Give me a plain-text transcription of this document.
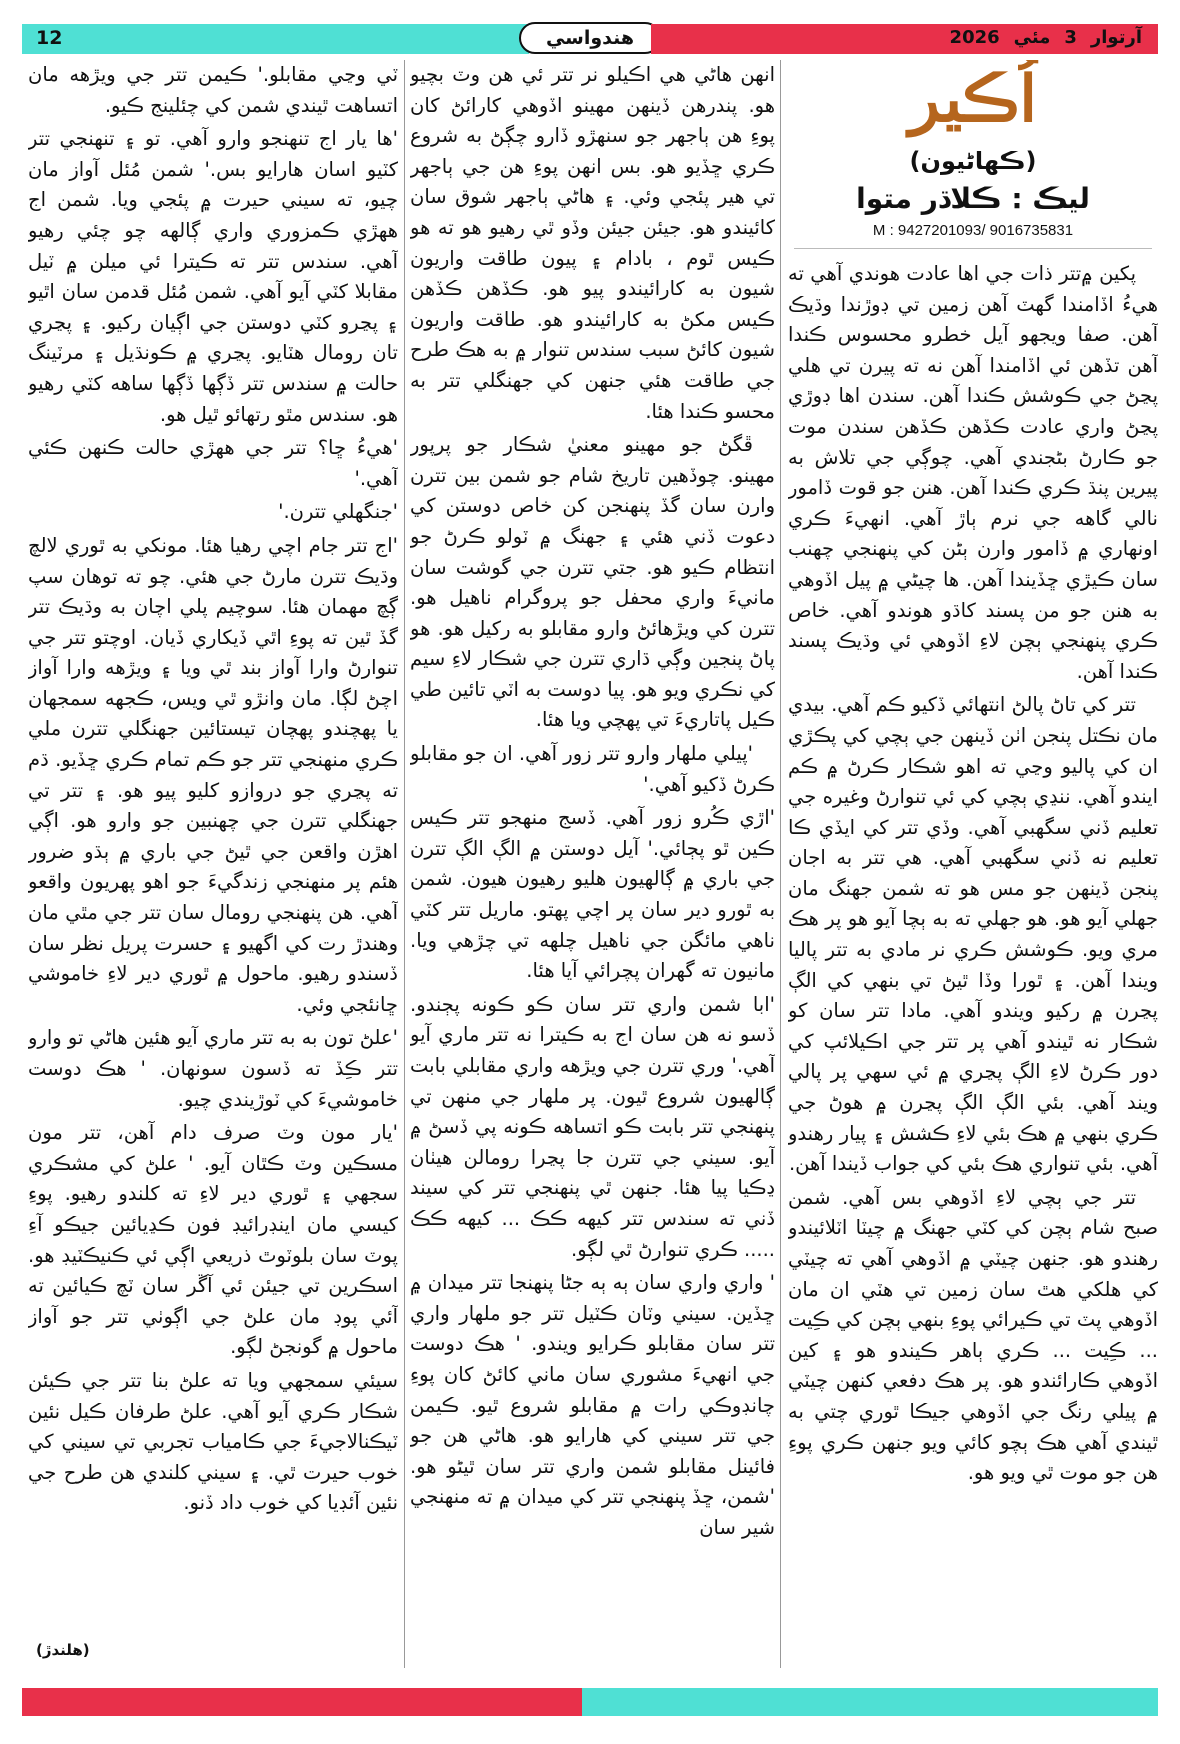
12	هندواسي	آرتوار
3
مئي
2026
اُڪير
(ڪهاڻيون)
ليڪ : ڪلاڌر متوا
M : 9427201093/ 9016735831

پکين ۾تتر ذات جي اها عادت هوندي آهي ته هيءُ اڏامندا گهٽ آهن زمين تي ڊوڙندا وڌيڪ آهن. صفا ويجهو آيل خطرو محسوس ڪندا آهن تڏهن ئي اڏامندا آهن نه ته پيرن تي هلي پڃڻ جي ڪوشش ڪندا آهن. سندن اها ڊوڙي پڃڻ واري عادت ڪڏهن ڪڏهن سندن موت جو ڪارڻ بڻجندي آهي. چوڳي جي تلاش به پيرين پنڌ ڪري ڪندا آهن. هنن جو قوت ڏامور نالي گاهه جي نرم ٻاڙ آهي. انهيءَ ڪري اونهاري ۾ ڏامور وارن ٻڻن کي پنهنجي چهنب سان ڪيڙي ڇڏيندا آهن. ها چيڻي ۾ پيل اڏوهي به هنن جو من پسند کاڌو هوندو آهي. خاص ڪري پنهنجي ٻچن لاءِ اڏوهي ئي وڌيڪ پسند ڪندا آهن.

تتر کي تاڻ پالڻ انتهائي ڏکيو ڪم آهي. بيدي مان نڪتل پنجن اٺن ڏينهن جي ٻچي کي پڪڙي ان کي پاليو وڃي ته اهو شڪار ڪرڻ ۾ ڪم ايندو آهي. ننڍي ٻچي کي ئي تنوارڻ وغيره جي تعليم ڏني سگهبي آهي. وڏي تتر کي ايڏي ڪا تعليم نه ڏني سگهبي آهي. هي تتر به اجان پنجن ڏينهن جو مس هو ته شمن جهنگ مان جهلي آيو هو. هو جهلي ته به ٻچا آيو هو پر هڪ مري ويو. ڪوشش ڪري نر مادي به تتر پاليا ويندا آهن. ۽ ٿورا وڏا ٿيڻ تي بنهي کي الڳ پڃرن ۾ رکيو ويندو آهي. مادا تتر سان کو شڪار نه ٿيندو آهي پر تتر جي اڪيلائپ کي دور ڪرڻ لاءِ الڳ پڃري ۾ ئي سهي پر پالي ويند آهي. بئي الڳ الڳ پڃرن ۾ هوڻ جي ڪري بنهي ۾ هڪ بئي لاءِ ڪشش ۽ پيار رهندو آهي. بئي تنواري هڪ بئي کي جواب ڏيندا آهن.

تتر جي ٻچي لاءِ اڏوهي بس آهي. شمن صبح شام ٻچن کي کٽي جهنگ ۾ چيٽا اٽلائيندو رهندو هو. جنهن چيٽي ۾ اڏوهي آهي ته چيٽي کي هلکي هٿ سان زمين تي هٽي ان مان اڏوهي پٽ تي ڪيرائي پوءِ بنهي ٻچن کي ڪِيت ... ڪِيت ... ڪري ٻاهر ڪيندو هو ۽ کين اڏوهي ڪارائندو هو. پر هڪ دفعي کنهن چيٽي ۾ پيلي رنگ جي اڏوهي جيڪا ٿوري چتي به ٿيندي آهي هڪ ٻچو کائي ويو جنهن ڪري پوءِ هن جو موت ٿي ويو هو.

انهن هاڻي هي اڪيلو نر تتر ئي هن وٽ بچيو هو. پندرهن ڏينهن مهينو اڏوهي کارائڻ کان پوءِ هن ٻاجهر جو سنهڙو ڏارو چڳڻ به شروع ڪري ڇڏيو هو. بس انهن پوءِ هن جي ٻاجهر تي هير پئجي وئي. ۽ هاڻي ٻاجهر شوق سان کائيندو هو. جيئن جيئن وڏو ٿي رهيو هو ته هو ڪيس ٿوم ، بادام ۽ پيون طاقت واريون شيون به کارائيندو پيو هو. ڪڏهن ڪڏهن ڪيس مکڻ به کارائيندو هو. طاقت واريون شيون کائڻ سبب سندس تنوار ۾ به هڪ طرح جي طاقت هئي جنهن کي جهنگلي تتر به محسو ڪندا هئا.

ڦگڻ جو مهينو معنيٰ شڪار جو پرپور مهينو. چوڏهين تاريخ شام جو شمن بين تترن وارن سان گڏ پنهنجن کن خاص دوستن کي دعوت ڏني هئي ۽ جهنگ ۾ ٽولو ڪرڻ جو انتظام ڪيو هو. جتي تترن جي گوشت سان مانيءَ واري محفل جو پروگرام ناهيل هو. تترن کي ويڙهائڻ وارو مقابلو به رکيل هو. هو پاڻ پنجين وڳي ڌاري تترن جي شڪار لاءِ سيم کي نڪري ويو هو. پيا دوست به اٽي تائين طي ڪيل پاتاريءَ تي پهچي ويا هئا.

'پيلي ملهار وارو تتر زور آهي. ان جو مقابلو ڪرڻ ڏکيو آهي.'

'اڙي ڪُرو زور آهي. ڏسج منهجو تتر ڪيس ڪين ٿو پڄائي.' آيل دوستن ۾ الڳ الڳ تترن جي باري ۾ ڳالهيون هليو رهيون هيون. شمن به ٿورو دير سان پر اچي پهتو. ماريل تتر کٽي ناهي مائگن جي ناهيل چلهه تي چڙهي ويا. مانيون ته گهران پچرائي آيا هئا.

'ابا شمن واري تتر سان ڪو ڪونه پڄندو. ڏسو نه هن سان اج به ڪيترا نه تتر ماري آيو آهي.' وري تترن جي ويڙهه واري مقابلي بابت ڳالهيون شروع ٿيون. پر ملهار جي منهن تي پنهنجي تتر بابت ڪو اتساهه ڪونه پي ڏسڻ ۾ آيو. سيني جي تترن جا پڃرا رومالن هيٺان ڍڪيا پيا هئا. جنهن ٿي پنهنجي تتر کي سيند ڏني ته سندس تتر کيهه ڪڪ ... کيهه ڪڪ ..... ڪري تنوارڻ ٿي لڳو.

' واري واري سان ٻه ٻه جڻا پنهنجا تتر ميدان ۾ ڇڏين. سيني وٽان ڪٽيل تتر جو ملهار واري تتر سان مقابلو ڪرايو ويندو. ' هڪ دوست جي انهيءَ مشوري سان ماني کائڻ کان پوءِ چانڊوڪي رات ۾ مقابلو شروع ٿيو. ڪيمن جي تتر سيني کي هارايو هو. هاڻي هن جو فائينل مقابلو شمن واري تتر سان ٿيڻو هو. 'شمن، ڇڏ پنهنجي تتر کي ميدان ۾ ته منهنجي شير سان

ٽي وڃي مقابلو.' ڪيمن تتر جي ويڙهه مان اتساهت ٿيندي شمن کي چئلينج ڪيو.

'ها يار اج تنهنجو وارو آهي. تو ۽ تنهنجي تتر کٽيو اسان هارايو بس.' شمن مُئل آواز مان چيو، ته سيني حيرت ۾ پئجي ويا. شمن اج ههڙي ڪمزوري واري ڳالهه چو چئي رهيو آهي. سندس تتر ته ڪيترا ئي ميلن ۾ ٽيل مقابلا کٽي آيو آهي. شمن مُئل قدمن سان اٿيو ۽ پڃرو کٽي دوستن جي اڳيان رکيو. ۽ پڃري تان رومال هٽايو. پڃري ۾ ڪونڌيل ۽ مرٽينگ حالت ۾ سندس تتر ڏڳها ڏڳها ساهه کٽي رهيو هو. سندس مٿو رتهائو ٿيل هو.

'هيءُ ڇا؟ تتر جي ههڙي حالت ڪنهن ڪئي آهي.'

'جنگهلي تترن.'

'اج تتر جام اچي رهيا هئا. مونکي به ٿوري لالچ وڌيڪ تترن مارڻ جي هئي. چو ته توهان سپ ڳچ مهمان هئا. سوچيم پلي اچان به وڌيڪ تتر گڏ ٿين ته پوءِ اٿي ڏيکاري ڏيان. اوچتو تتر جي تنوارڻ وارا آواز بند ٿي ويا ۽ ويڙهه وارا آواز اچڻ لڳا. مان وانڙو ٿي ويس، ڪجهه سمجهان يا پهچندو پهچان تيستائين جهنگلي تترن ملي ڪري منهنجي تتر جو ڪم تمام ڪري ڇڏيو. ڌم ته پڃري جو دروازو کليو پيو هو. ۽ تتر تي جهنگلي تترن جي چهنبين جو وارو هو. اڳي اهڙن واقعن جي ٿيڻ جي باري ۾ ٻڌو ضرور هئم پر منهنجي زندگيءَ جو اهو پهريون واقعو آهي. هن پنهنجي رومال سان تتر جي مٿي مان وهندڙ رت کي اگهيو ۽ حسرت پريل نظر سان ڏسندو رهيو. ماحول ۾ ٿوري دير لاءِ خاموشي ڇانئجي وئي.

'علڻ تون به به تتر ماري آيو هئين هاڻي تو وارو تتر ڪِڏ ته ڏسون سونهان. ' هڪ دوست خاموشيءَ کي ٽوڙيندي چيو.

'يار مون وٽ صرف دام آهن، تتر مون مسڪين وٽ ڪٿان آيو. ' علڻ کي مشڪري سجهي ۽ ٿوري دير لاءِ ته کلندو رهيو. پوءِ کيسي مان اينڊرائيڊ فون ڪڍيائين جيڪو آءِ پوٽ سان بلوٽوٿ ذريعي اڳي ئي ڪنيڪٽيڊ هو. اسڪرين تي جيئن ئي آڱر سان ٽچ ڪيائين ته آئي پوڊ مان علڻ جي اڳوٺي تتر جو آواز ماحول ۾ گونجڻ لڳو.

سيئي سمجهي ويا ته علڻ بنا تتر جي ڪيئن شڪار ڪري آيو آهي. علڻ طرفان ڪيل نئين ٽيڪنالاجيءَ جي ڪامياب تجربي تي سيني کي خوب حيرت ٿي. ۽ سيني کلندي هن طرح جي نئين آئڊيا کي خوب داد ڏنو.

(هلندڙ)
